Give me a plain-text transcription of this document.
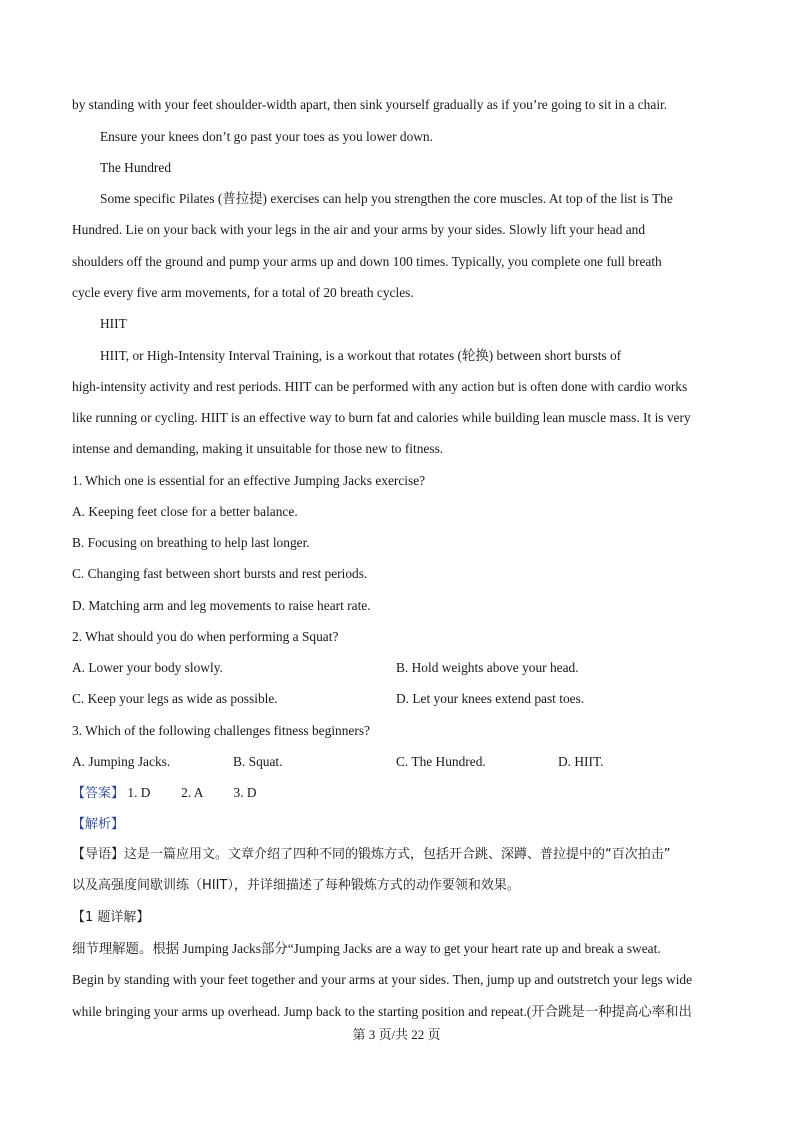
by standing with your feet shoulder-width apart, then sink yourself gradually as if you’re going to sit in a chair.
Ensure your knees don’t go past your toes as you lower down.
The Hundred
Some specific Pilates (普拉提) exercises can help you strengthen the core muscles. At top of the list is The
Hundred. Lie on your back with your legs in the air and your arms by your sides. Slowly lift your head and
shoulders off the ground and pump your arms up and down 100 times. Typically, you complete one full breath
cycle every five arm movements, for a total of 20 breath cycles.
HIIT
HIIT, or High-Intensity Interval Training, is a workout that rotates (轮换) between short bursts of
high-intensity activity and rest periods. HIIT can be performed with any action but is often done with cardio works
like running or cycling. HIIT is an effective way to burn fat and calories while building lean muscle mass. It is very
intense and demanding, making it unsuitable for those new to fitness.
1. Which one is essential for an effective Jumping Jacks exercise?
A. Keeping feet close for a better balance.
B. Focusing on breathing to help last longer.
C. Changing fast between short bursts and rest periods.
D. Matching arm and leg movements to raise heart rate.
2. What should you do when performing a Squat?
A. Lower your body slowly.	B. Hold weights above your head.
C. Keep your legs as wide as possible.	D. Let your knees extend past toes.
3. Which of the following challenges fitness beginners?
A. Jumping Jacks.	B. Squat.	C. The Hundred.	D. HIIT.
【答案】 1. D 2. A 3. D
【解析】
【导语】这是一篇应用文。文章介绍了四种不同的锻炼方式，包括开合跳、深蹲、普拉提中的“百次拍击”
以及高强度间歇训练（HIIT），并详细描述了每种锻炼方式的动作要领和效果。
【1 题详解】
细节理解题。根据 Jumping Jacks部分“Jumping Jacks are a way to get your heart rate up and break a sweat.
Begin by standing with your feet together and your arms at your sides. Then, jump up and outstretch your legs wide
while bringing your arms up overhead. Jump back to the starting position and repeat.(开合跳是一种提高心率和出
第 3 页/共 22 页
